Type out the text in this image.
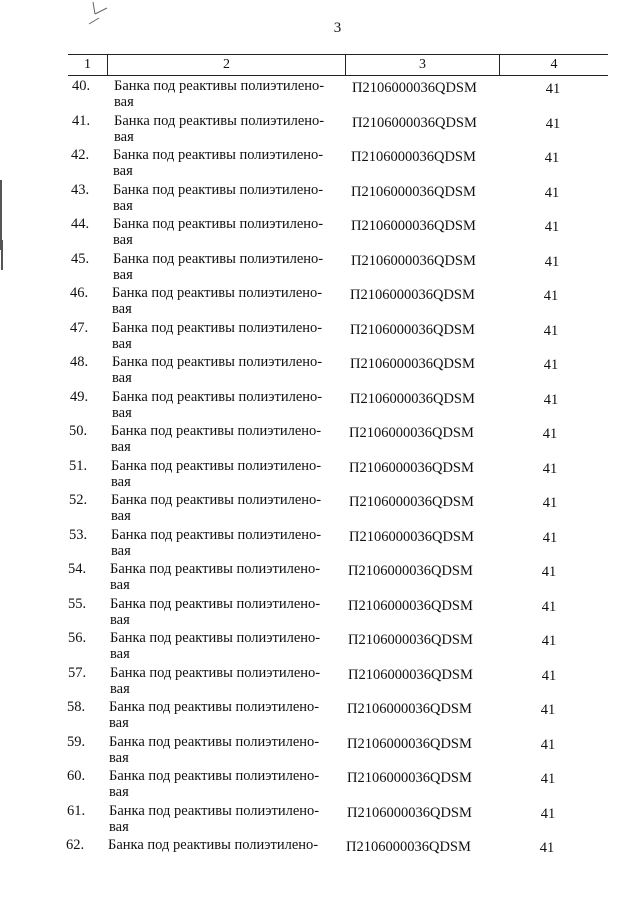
3
1	2	3	4
40.	Банка под реактивы полиэтилено-
вая
П2106000036QDSM	41
41.	Банка под реактивы полиэтилено-
вая
П2106000036QDSM	41
42.	Банка под реактивы полиэтилено-
вая
П2106000036QDSM	41
43.	Банка под реактивы полиэтилено-
вая
П2106000036QDSM	41
44.	Банка под реактивы полиэтилено-
вая
П2106000036QDSM	41
45.	Банка под реактивы полиэтилено-
вая
П2106000036QDSM	41
46.	Банка под реактивы полиэтилено-
вая
П2106000036QDSM	41
47.	Банка под реактивы полиэтилено-
вая
П2106000036QDSM	41
48.	Банка под реактивы полиэтилено-
вая
П2106000036QDSM	41
49.	Банка под реактивы полиэтилено-
вая
П2106000036QDSM	41
50.	Банка под реактивы полиэтилено-
вая
П2106000036QDSM	41
51.	Банка под реактивы полиэтилено-
вая
П2106000036QDSM	41
52.	Банка под реактивы полиэтилено-
вая
П2106000036QDSM	41
53.	Банка под реактивы полиэтилено-
вая
П2106000036QDSM	41
54.	Банка под реактивы полиэтилено-
вая
П2106000036QDSM	41
55.	Банка под реактивы полиэтилено-
вая
П2106000036QDSM	41
56.	Банка под реактивы полиэтилено-
вая
П2106000036QDSM	41
57.	Банка под реактивы полиэтилено-
вая
П2106000036QDSM	41
58.	Банка под реактивы полиэтилено-
вая
П2106000036QDSM	41
59.	Банка под реактивы полиэтилено-
вая
П2106000036QDSM	41
60.	Банка под реактивы полиэтилено-
вая
П2106000036QDSM	41
61.	Банка под реактивы полиэтилено-
вая
П2106000036QDSM	41
62.	Банка под реактивы полиэтилено-	П2106000036QDSM	41
